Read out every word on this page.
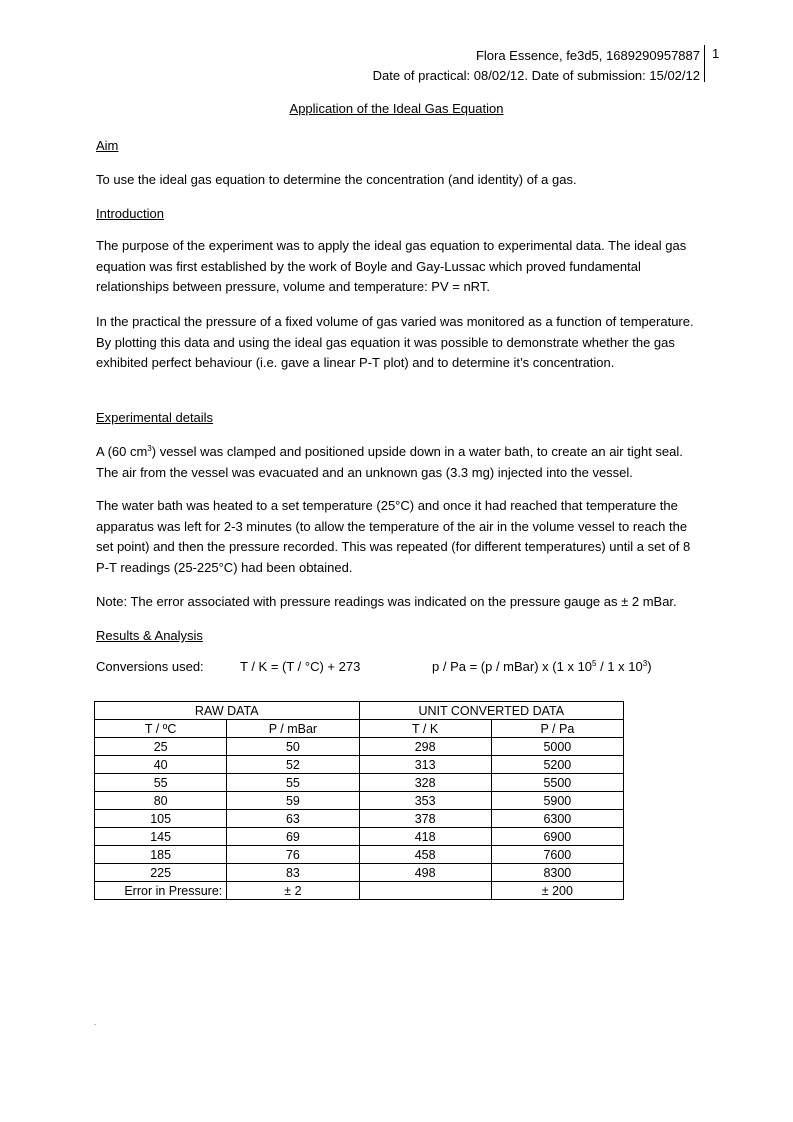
Flora Essence, fe3d5, 1689290957887
Date of practical: 08/02/12. Date of submission: 15/02/12
1
Application of the Ideal Gas Equation
Aim
To use the ideal gas equation to determine the concentration (and identity) of a gas.
Introduction
The purpose of the experiment was to apply the ideal gas equation to experimental data. The ideal gas equation was first established by the work of Boyle and Gay-Lussac which proved fundamental relationships between pressure, volume and temperature: PV = nRT.
In the practical the pressure of a fixed volume of gas varied was monitored as a function of temperature. By plotting this data and using the ideal gas equation it was possible to demonstrate whether the gas exhibited perfect behaviour (i.e. gave a linear P-T plot) and to determine it’s concentration.
Experimental details
A (60 $cm^3$) vessel was clamped and positioned upside down in a water bath, to create an air tight seal. The air from the vessel was evacuated and an unknown gas (3.3 mg) injected into the vessel.
The water bath was heated to a set temperature (25°C) and once it had reached that temperature the apparatus was left for 2-3 minutes (to allow the temperature of the air in the volume vessel to reach the set point) and then the pressure recorded. This was repeated (for different temperatures) until a set of 8 P-T readings (25-225°C) had been obtained.
Note: The error associated with pressure readings was indicated on the pressure gauge as ± 2 mBar.
Results & Analysis
Conversions used:	T / K = (T / °C) + 273	p / Pa = (p / mBar) x (1 x $10^5 / 1$ x $10^3$)
RAW DATA		UNIT CONVERTED DATA	
T / ºC	P / mBar	T / K	P / Pa
25	50	298	5000
40	52	313	5200
55	55	328	5500
80	59	353	5900
105	63	378	6300
145	69	418	6900
185	76	458	7600
225	83	498	8300
Error in Pressure:	± 2		± 200
